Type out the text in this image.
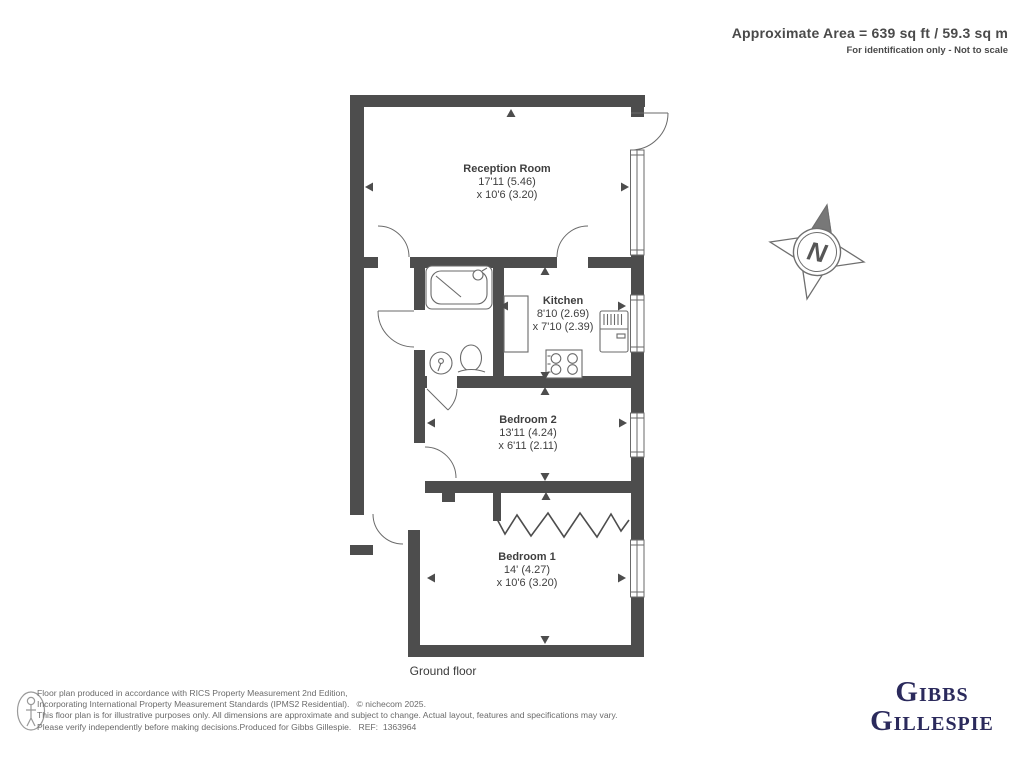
Approximate Area = 639 sq ft / 59.3 sq m
For identification only - Not to scale
N
Reception Room
17'11 (5.46)
x 10'6 (3.20)
Kitchen
8'10 (2.69)
x 7'10 (2.39)
Bedroom 2
13'11 (4.24)
x 6'11 (2.11)
Bedroom 1
14' (4.27)
x 10'6 (3.20)
Ground floor
Floor plan produced in accordance with RICS Property Measurement 2nd Edition,
Incorporating International Property Measurement Standards (IPMS2 Residential).   © nichecom 2025.
This floor plan is for illustrative purposes only. All dimensions are approximate and subject to change. Actual layout, features and specifications may vary.
Please verify independently before making decisions.Produced for Gibbs Gillespie.   REF:  1363964
Gibbs
Gillespie
